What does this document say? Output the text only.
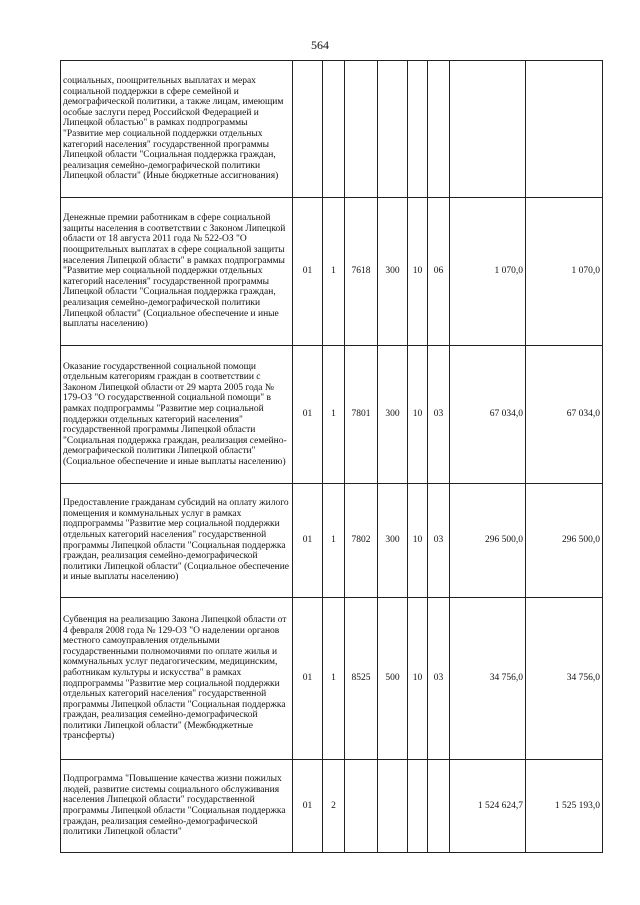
564
социальных, поощрительных выплатах и мерах социальной поддержки в сфере семейной и демографической политики, а также лицам, имеющим особые заслуги перед Российской Федерацией и Липецкой областью" в рамках подпрограммы "Развитие мер социальной поддержки отдельных категорий населения" государственной программы Липецкой области "Социальная поддержка граждан, реализация семейно-демографической политики Липецкой области" (Иные бюджетные ассигнования)								
Денежные премии работникам в сфере социальной защиты населения в соответствии с Законом Липецкой области от 18 августа 2011 года № 522-ОЗ "О поощрительных выплатах в сфере социальной защиты населения Липецкой области" в рамках подпрограммы "Развитие мер социальной поддержки отдельных категорий населения" государственной программы Липецкой области "Социальная поддержка граждан, реализация семейно-демографической политики Липецкой области" (Социальное обеспечение и иные выплаты населению)	01	1	7618	300	10	06	1 070,0	1 070,0
Оказание государственной социальной помощи отдельным категориям граждан в соответствии с Законом Липецкой области от 29 марта 2005 года № 179-ОЗ "О государственной социальной помощи" в рамках подпрограммы "Развитие мер социальной поддержки отдельных категорий населения" государственной программы Липецкой области "Социальная поддержка граждан, реализация семейно-демографической политики Липецкой области" (Социальное обеспечение и иные выплаты населению)	01	1	7801	300	10	03	67 034,0	67 034,0
Предоставление гражданам субсидий на оплату жилого помещения и коммунальных услуг в рамках подпрограммы "Развитие мер социальной поддержки отдельных категорий населения" государственной программы Липецкой области "Социальная поддержка граждан, реализация семейно-демографической политики Липецкой области" (Социальное обеспечение и иные выплаты населению)	01	1	7802	300	10	03	296 500,0	296 500,0
Субвенция на реализацию Закона Липецкой области от 4 февраля 2008 года № 129-ОЗ "О наделении органов местного самоуправления отдельными государственными полномочиями по оплате жилья и коммунальных услуг педагогическим, медицинским, работникам культуры и искусства" в рамках подпрограммы "Развитие мер социальной поддержки отдельных категорий населения" государственной программы Липецкой области "Социальная поддержка граждан, реализация семейно-демографической политики Липецкой области" (Межбюджетные трансферты)	01	1	8525	500	10	03	34 756,0	34 756,0
Подпрограмма "Повышение качества жизни пожилых людей, развитие системы социального обслуживания населения Липецкой области" государственной программы Липецкой области "Социальная поддержка граждан, реализация семейно-демографической политики Липецкой области"	01	2					1 524 624,7	1 525 193,0
